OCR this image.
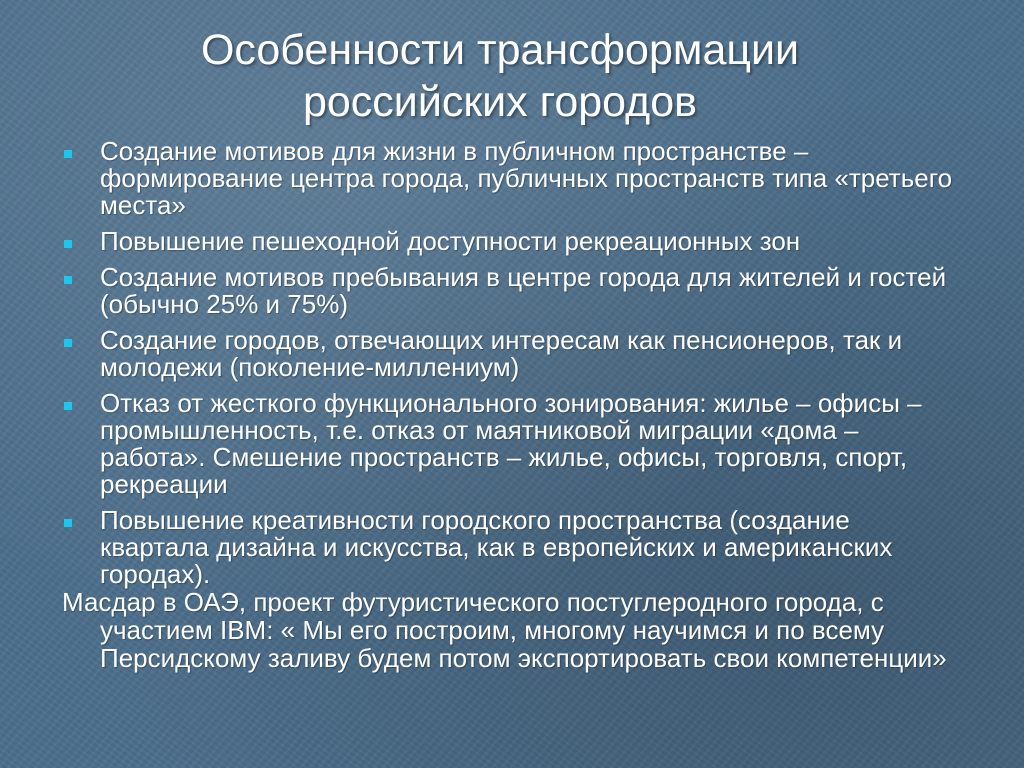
Особенности трансформации
российских городов
Создание мотивов для жизни в публичном пространстве – формирование центра города, публичных пространств типа «третьего места»
Повышение пешеходной доступности рекреационных зон
Создание мотивов пребывания в центре города для жителей и гостей (обычно 25% и 75%)
Создание городов, отвечающих интересам как пенсионеров, так и молодежи (поколение-миллениум)
Отказ от жесткого функционального зонирования: жилье – офисы – промышленность, т.е. отказ от маятниковой миграции «дома – работа». Смешение пространств – жилье, офисы, торговля, спорт, рекреации
Повышение креативности городского пространства (создание квартала дизайна и искусства, как в европейских и американских городах).

Масдар в ОАЭ, проект футуристического постуглеродного города, с участием IBM: « Мы его построим, многому научимся и по всему Персидскому заливу будем потом экспортировать свои компетенции»
